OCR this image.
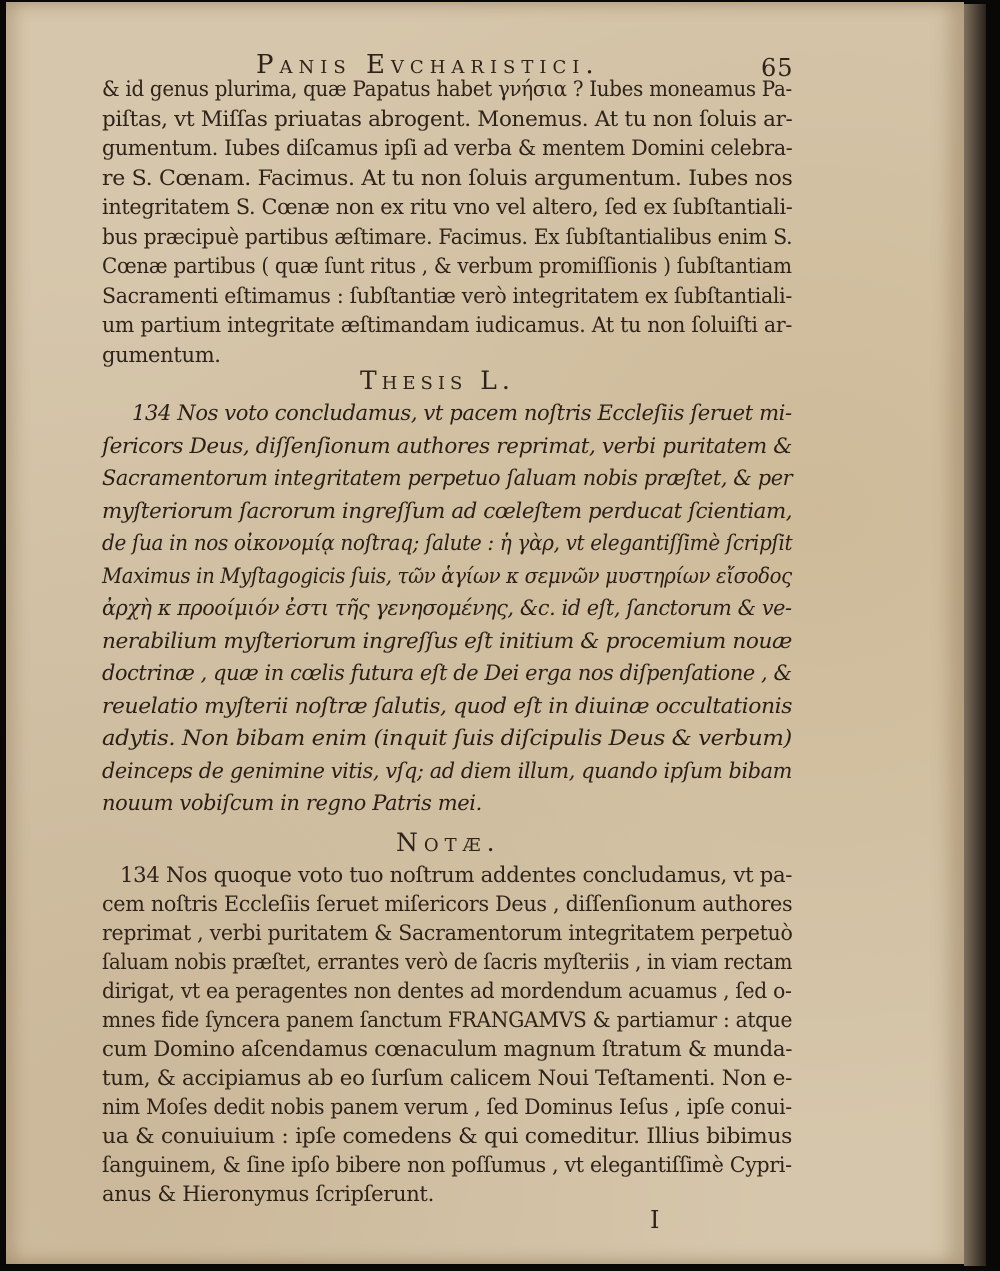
Panis Evcharistici.	65
& id genus plurima, quæ Papatus habet γνήσια ? Iubes moneamus Pa-
piſtas, vt Miſſas priuatas abrogent. Monemus. At tu non ſoluis ar-
gumentum. Iubes diſcamus ipſi ad verba & mentem Domini celebra-
re S. Cœnam. Facimus. At tu non ſoluis argumentum. Iubes nos
integritatem S. Cœnæ non ex ritu vno vel altero, ſed ex ſubſtantiali-
bus præcipuè partibus æſtimare. Facimus. Ex ſubſtantialibus enim S.
Cœnæ partibus ( quæ ſunt ritus , & verbum promiſſionis ) ſubſtantiam
Sacramenti eſtimamus : ſubſtantiæ verò integritatem ex ſubſtantiali-
um partium integritate æſtimandam iudicamus. At tu non ſoluiſti ar-
gumentum.
Thesis L.
134 Nos voto concludamus, vt pacem noſtris Eccleſiis ſeruet mi-
ſericors Deus, diſſenſionum authores reprimat, verbi puritatem &
Sacramentorum integritatem perpetuo ſaluam nobis præſtet, & per
myſteriorum ſacrorum ingreſſum ad cœleſtem perducat ſcientiam,
de ſua in nos οἰκονομίᾳ noſtraq; ſalute : ἡ γὰρ, vt elegantiſſimè ſcripſit
Maximus in Myſtagogicis ſuis, τῶν ἁγίων κ σεμνῶν μυστηρίων εἴσοδος
ἀρχὴ κ προοίμιόν ἐστι τῆς γενησομένης, &c. id eſt, ſanctorum & ve-
nerabilium myſteriorum ingreſſus eſt initium & procemium nouæ
doctrinæ , quæ in cœlis futura eſt de Dei erga nos diſpenſatione , &
reuelatio myſterii noſtræ ſalutis, quod eſt in diuinæ occultationis
adytis. Non bibam enim (inquit ſuis diſcipulis Deus & verbum)
deinceps de genimine vitis, vſq; ad diem illum, quando ipſum bibam
nouum vobiſcum in regno Patris mei.
Notæ.
134 Nos quoque voto tuo noſtrum addentes concludamus, vt pa-
cem noſtris Eccleſiis ſeruet miſericors Deus , diſſenſionum authores
reprimat , verbi puritatem & Sacramentorum integritatem perpetuò
ſaluam nobis præſtet, errantes verò de ſacris myſteriis , in viam rectam
dirigat, vt ea peragentes non dentes ad mordendum acuamus , ſed o-
mnes fide ſyncera panem ſanctum FRANGAMVS & partiamur : atque
cum Domino aſcendamus cœnaculum magnum ſtratum & munda-
tum, & accipiamus ab eo ſurſum calicem Noui Teſtamenti. Non e-
nim Moſes dedit nobis panem verum , ſed Dominus Ieſus , ipſe conui-
ua & conuiuium : ipſe comedens & qui comeditur. Illius bibimus
ſanguinem, & ſine ipſo bibere non poſſumus , vt elegantiſſimè Cypri-
anus & Hieronymus ſcripſerunt.
I
